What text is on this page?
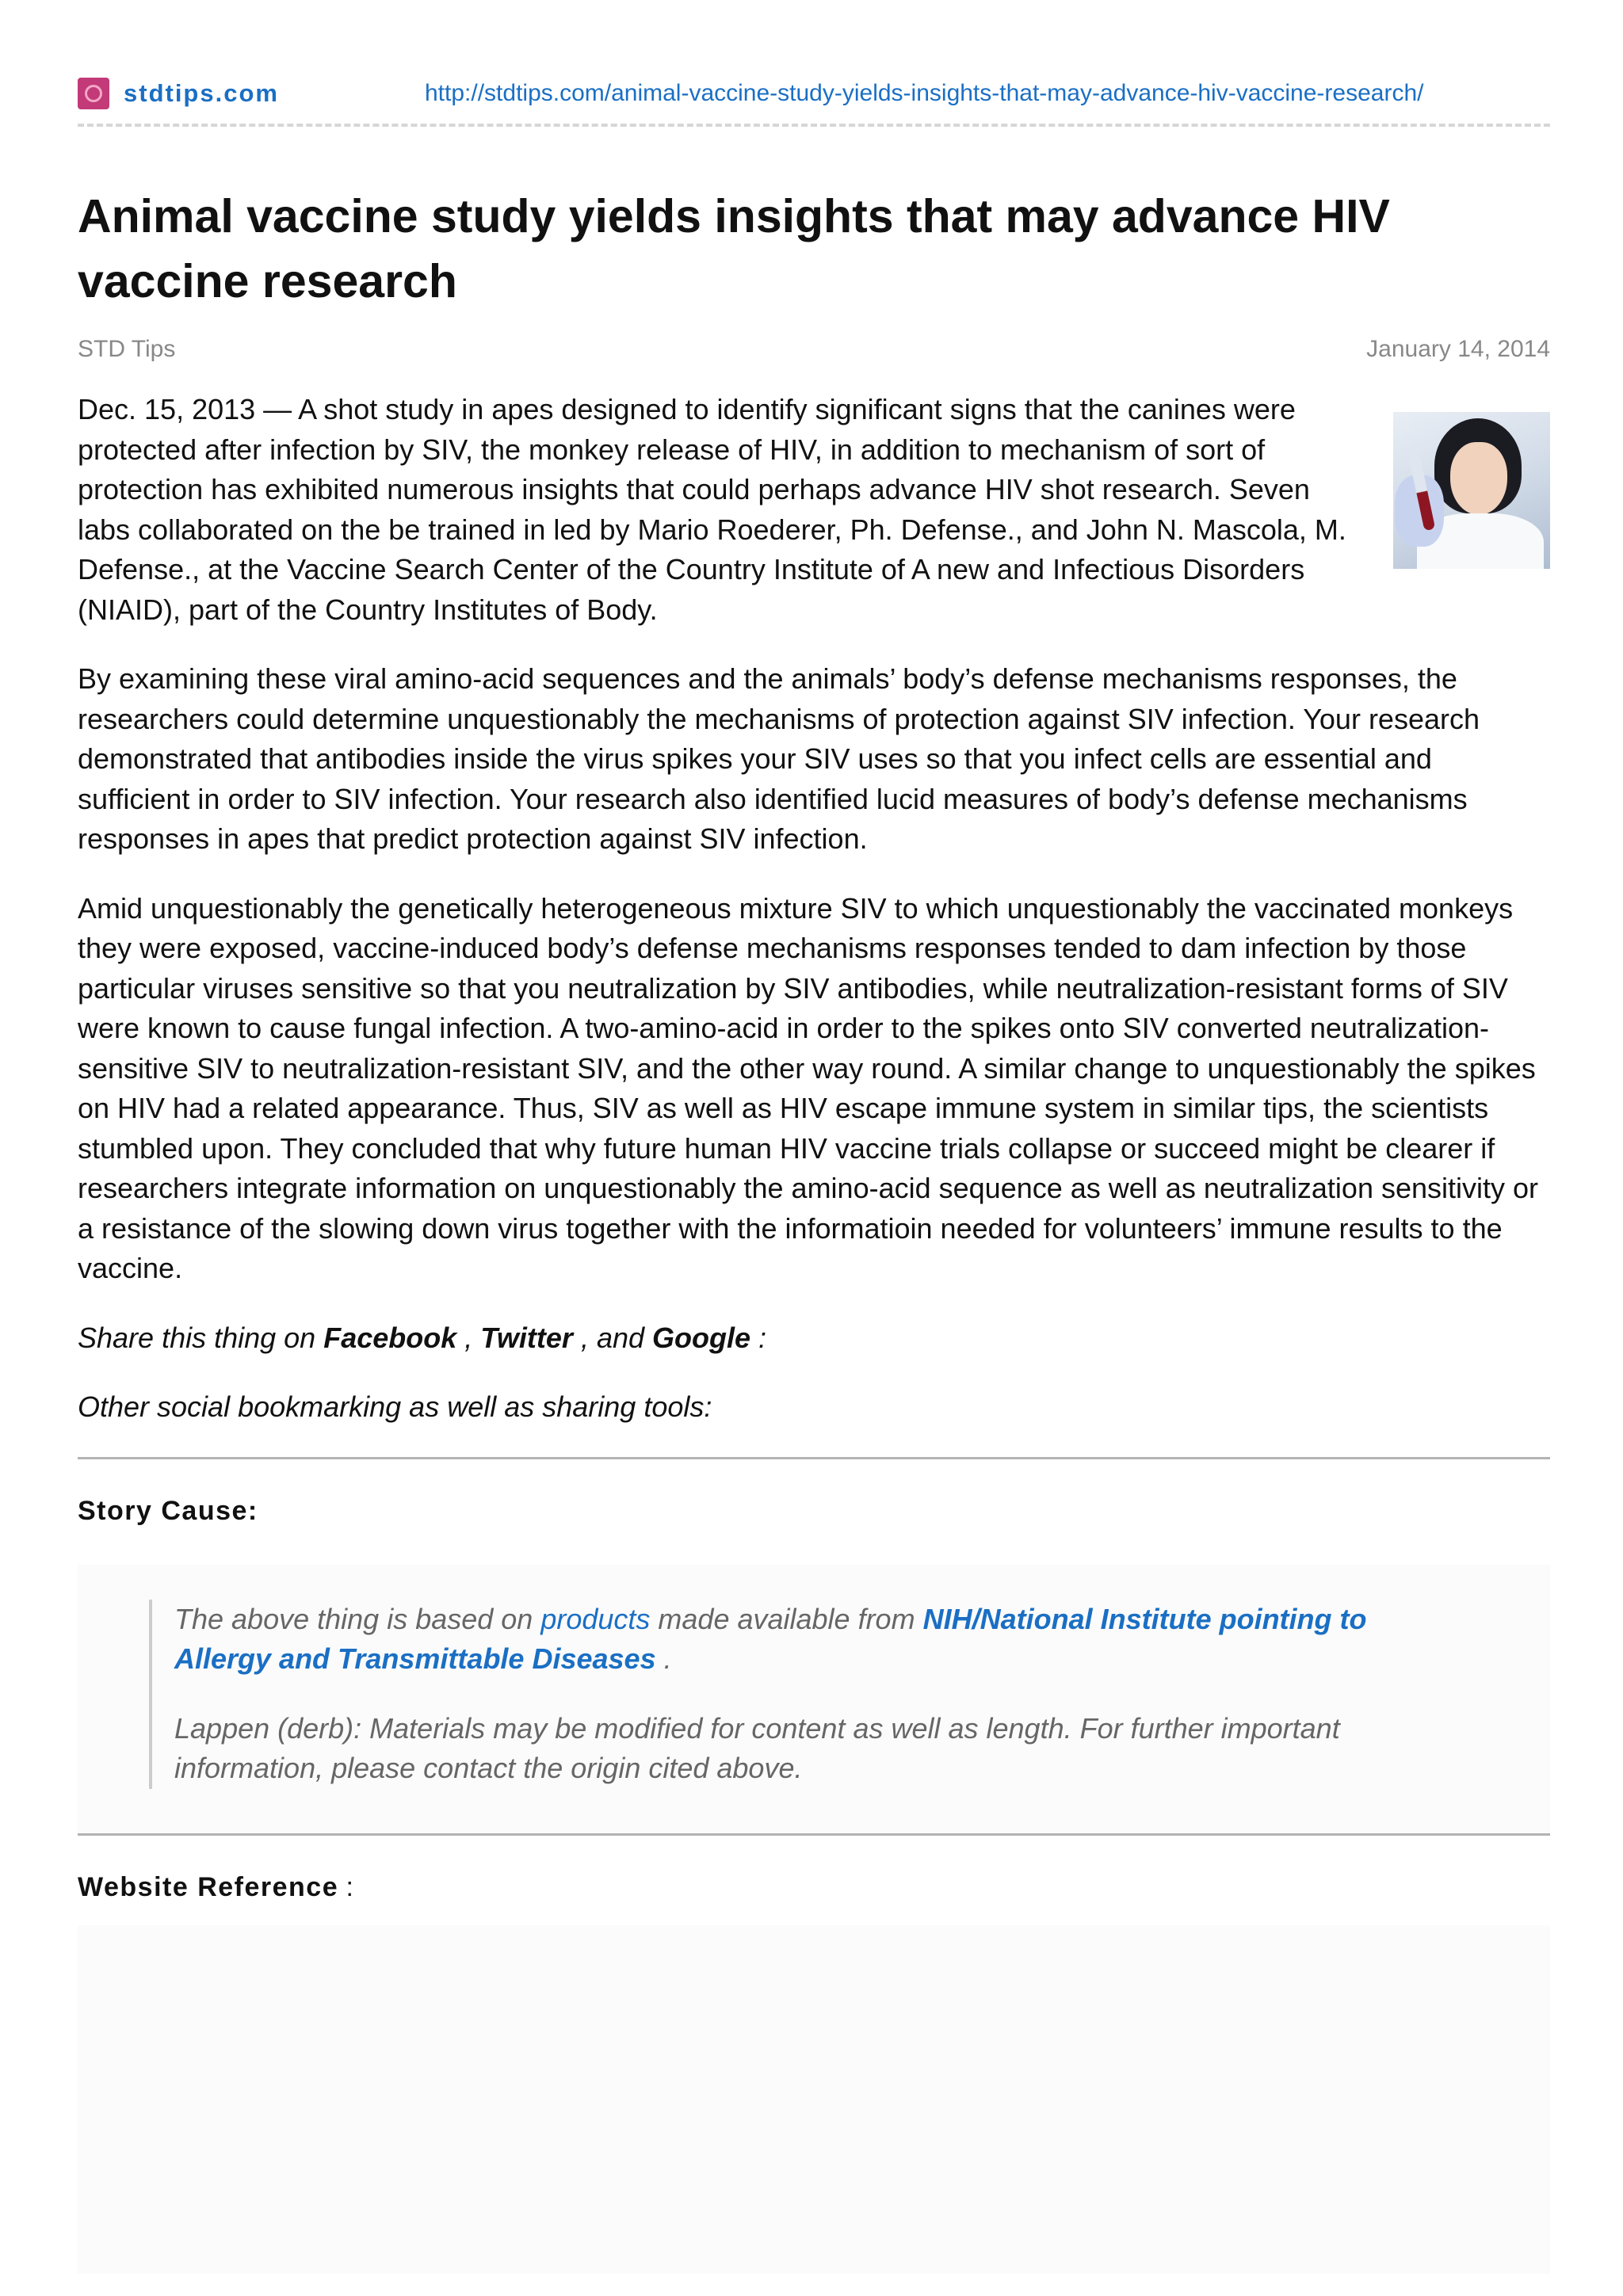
stdtips.com	http://stdtips.com/animal-vaccine-study-yields-insights-that-may-advance-hiv-vaccine-research/
Animal vaccine study yields insights that may advance HIV vaccine research
STD Tips	January 14, 2014

Dec. 15, 2013 — A shot study in apes designed to identify significant signs that the canines were protected after infection by SIV, the monkey release of HIV, in addition to mechanism of sort of protection has exhibited numerous insights that could perhaps advance HIV shot research. Seven labs collaborated on the be trained in led by Mario Roederer, Ph. Defense., and John N. Mascola, M. Defense., at the Vaccine Search Center of the Country Institute of A new and Infectious Disorders (NIAID), part of the Country Institutes of Body.

By examining these viral amino-acid sequences and the animals’ body’s defense mechanisms responses, the researchers could determine unquestionably the mechanisms of protection against SIV infection. Your research demonstrated that antibodies inside the virus spikes your SIV uses so that you infect cells are essential and sufficient in order to SIV infection. Your research also identified lucid measures of body’s defense mechanisms responses in apes that predict protection against SIV infection.

Amid unquestionably the genetically heterogeneous mixture SIV to which unquestionably the vaccinated monkeys they were exposed, vaccine-induced body’s defense mechanisms responses tended to dam infection by those particular viruses sensitive so that you neutralization by SIV antibodies, while neutralization-resistant forms of SIV were known to cause fungal infection. A two-amino-acid in order to the spikes onto SIV converted neutralization-sensitive SIV to neutralization-resistant SIV, and the other way round. A similar change to unquestionably the spikes on HIV had a related appearance. Thus, SIV as well as HIV escape immune system in similar tips, the scientists stumbled upon. They concluded that why future human HIV vaccine trials collapse or succeed might be clearer if researchers integrate information on unquestionably the amino-acid sequence as well as neutralization sensitivity or a resistance of the slowing down virus together with the informatioin needed for volunteers’ immune results to the vaccine.

Share this thing on Facebook , Twitter , and Google :

Other social bookmarking as well as sharing tools:

Story Cause:

The above thing is based on products made available from NIH/National Institute pointing to Allergy and Transmittable Diseases .

Lappen (derb): Materials may be modified for content as well as length. For further important information, please contact the origin cited above.

Website Reference :
